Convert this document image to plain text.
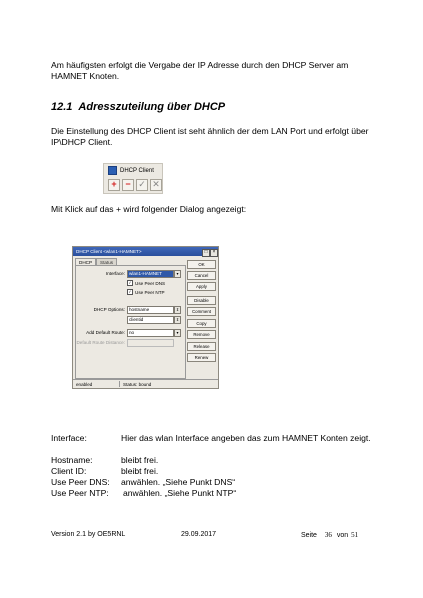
Am häufigsten erfolgt die Vergabe der IP Adresse durch den DHCP Server am HAMNET Knoten.
12.1 Adresszuteilung über DHCP
Die Einstellung des DHCP Client ist seht ähnlich der dem LAN Port und erfolgt über IP\DHCP Client.
DHCP Client
+ − ✓ ✕
Mit Klick auf das + wird folgender Dialog angezeigt:
DHCP Client <wlan1-HAMNET>	□	×
DHCP	Status
Interface: wlan1-HAMNET	▾
✓ Use Peer DNS
✓ Use Peer NTP
DHCP Options: hostname	⇕
clientid	⇕
Add Default Route: no	▾
Default Route Distance:
OK
Cancel
Apply
Disable
Comment
Copy
Remove
Release
Renew
enabled	Status: bound
Interface:	Hier das wlan Interface angeben das zum HAMNET Konten zeigt.
Hostname:	bleibt frei.
Client ID:	bleibt frei.
Use Peer DNS: anwählen. „Siehe Punkt DNS“
Use Peer NTP: anwählen. „Siehe Punkt NTP“
Version 2.1 by OE5RNL	29.09.2017	Seite 36 von 51
